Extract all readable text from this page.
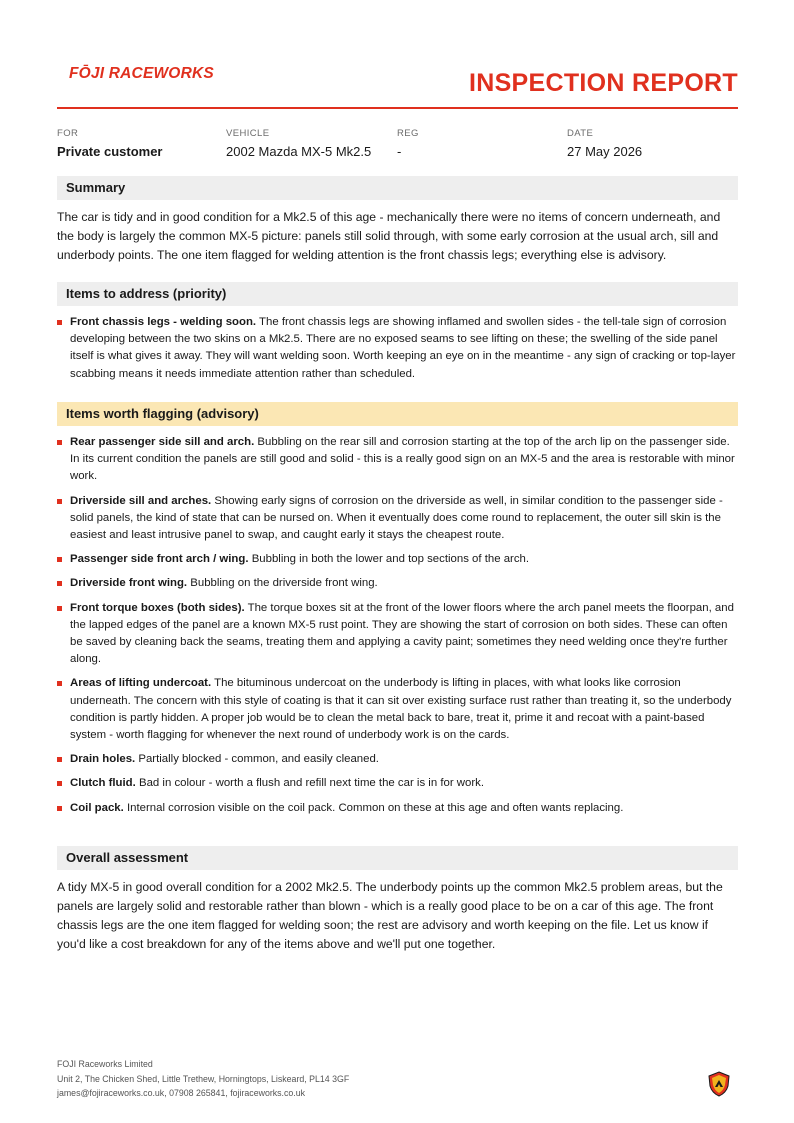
FŌJI RACEWORKS	INSPECTION REPORT
FOR
Private customer
VEHICLE
2002 Mazda MX-5 Mk2.5
REG
-
DATE
27 May 2026
Summary

The car is tidy and in good condition for a Mk2.5 of this age - mechanically there were no items of concern underneath, and the body is largely the common MX-5 picture: panels still solid through, with some early corrosion at the usual arch, sill and underbody points. The one item flagged for welding attention is the front chassis legs; everything else is advisory.

Items to address (priority)
Front chassis legs - welding soon. The front chassis legs are showing inflamed and swollen sides - the tell-tale sign of corrosion developing between the two skins on a Mk2.5. There are no exposed seams to see lifting on these; the swelling of the side panel itself is what gives it away. They will want welding soon. Worth keeping an eye on in the meantime - any sign of cracking or top-layer scabbing means it needs immediate attention rather than scheduled.
Items worth flagging (advisory)
Rear passenger side sill and arch. Bubbling on the rear sill and corrosion starting at the top of the arch lip on the passenger side. In its current condition the panels are still good and solid - this is a really good sign on an MX-5 and the area is restorable with minor work.
Driverside sill and arches. Showing early signs of corrosion on the driverside as well, in similar condition to the passenger side - solid panels, the kind of state that can be nursed on. When it eventually does come round to replacement, the outer sill skin is the easiest and least intrusive panel to swap, and caught early it stays the cheapest route.
Passenger side front arch / wing. Bubbling in both the lower and top sections of the arch.
Driverside front wing. Bubbling on the driverside front wing.
Front torque boxes (both sides). The torque boxes sit at the front of the lower floors where the arch panel meets the floorpan, and the lapped edges of the panel are a known MX-5 rust point. They are showing the start of corrosion on both sides. These can often be saved by cleaning back the seams, treating them and applying a cavity paint; sometimes they need welding once they're further along.
Areas of lifting undercoat. The bituminous undercoat on the underbody is lifting in places, with what looks like corrosion underneath. The concern with this style of coating is that it can sit over existing surface rust rather than treating it, so the underbody condition is partly hidden. A proper job would be to clean the metal back to bare, treat it, prime it and recoat with a paint-based system - worth flagging for whenever the next round of underbody work is on the cards.
Drain holes. Partially blocked - common, and easily cleaned.
Clutch fluid. Bad in colour - worth a flush and refill next time the car is in for work.
Coil pack. Internal corrosion visible on the coil pack. Common on these at this age and often wants replacing.
Overall assessment

A tidy MX-5 in good overall condition for a 2002 Mk2.5. The underbody points up the common Mk2.5 problem areas, but the panels are largely solid and restorable rather than blown - which is a really good place to be on a car of this age. The front chassis legs are the one item flagged for welding soon; the rest are advisory and worth keeping on the file. Let us know if you'd like a cost breakdown for any of the items above and we'll put one together.

FOJI Raceworks Limited
Unit 2, The Chicken Shed, Little Trethew, Horningtops, Liskeard, PL14 3GF
james@fojiraceworks.co.uk, 07908 265841, fojiraceworks.co.uk
